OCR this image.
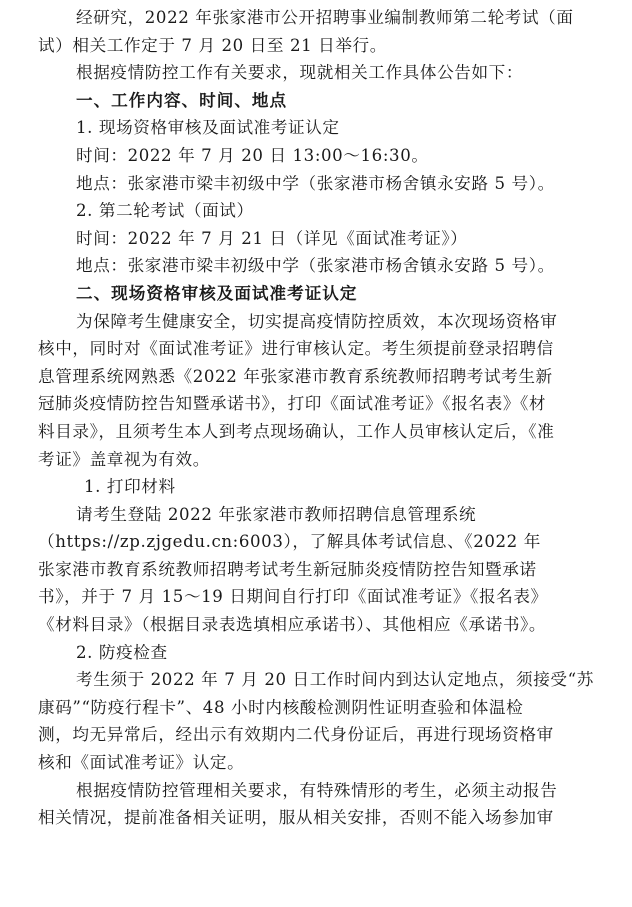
经研究，2022 年张家港市公开招聘事业编制教师第二轮考试（面
试）相关工作定于 7 月 20 日至 21 日举行。
根据疫情防控工作有关要求，现就相关工作具体公告如下：
一、工作内容、时间、地点
1. 现场资格审核及面试准考证认定
时间：2022 年 7 月 20 日 13:00～16:30。
地点：张家港市梁丰初级中学（张家港市杨舍镇永安路 5 号）。
2. 第二轮考试（面试）
时间：2022 年 7 月 21 日（详见《面试准考证》）
地点：张家港市梁丰初级中学（张家港市杨舍镇永安路 5 号）。
二、现场资格审核及面试准考证认定
为保障考生健康安全，切实提高疫情防控质效，本次现场资格审
核中，同时对《面试准考证》进行审核认定。考生须提前登录招聘信
息管理系统网熟悉《2022 年张家港市教育系统教师招聘考试考生新
冠肺炎疫情防控告知暨承诺书》，打印《面试准考证》《报名表》《材
料目录》，且须考生本人到考点现场确认，工作人员审核认定后，《准
考证》盖章视为有效。
1. 打印材料
请考生登陆 2022 年张家港市教师招聘信息管理系统
（https://zp.zjgedu.cn:6003），了解具体考试信息、《2022 年
张家港市教育系统教师招聘考试考生新冠肺炎疫情防控告知暨承诺
书》，并于 7 月 15～19 日期间自行打印《面试准考证》《报名表》
《材料目录》（根据目录表选填相应承诺书）、其他相应《承诺书》。
2. 防疫检查
考生须于 2022 年 7 月 20 日工作时间内到达认定地点，须接受“苏
康码”“防疫行程卡”、48 小时内核酸检测阴性证明查验和体温检
测，均无异常后，经出示有效期内二代身份证后，再进行现场资格审
核和《面试准考证》认定。
根据疫情防控管理相关要求，有特殊情形的考生，必须主动报告
相关情况，提前准备相关证明，服从相关安排，否则不能入场参加审
